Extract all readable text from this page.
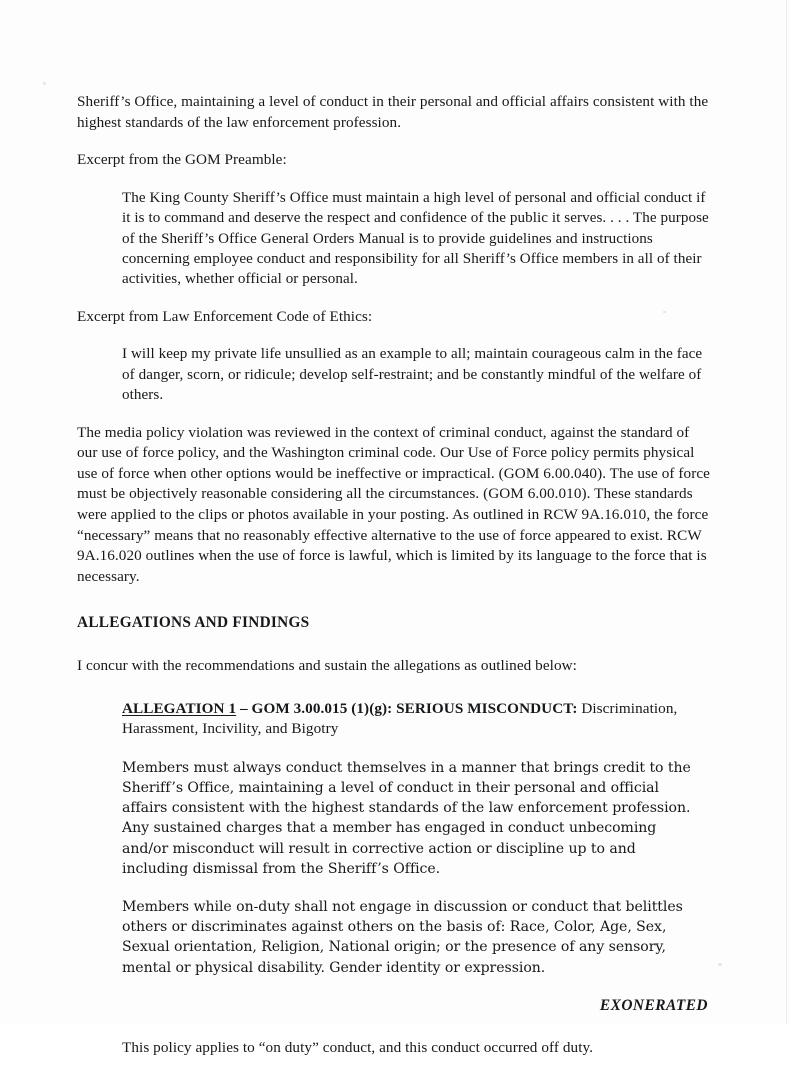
Sheriff’s Office, maintaining a level of conduct in their personal and official affairs consistent with the highest standards of the law enforcement profession.

Excerpt from the GOM Preamble:

The King County Sheriff’s Office must maintain a high level of personal and official conduct if it is to command and deserve the respect and confidence of the public it serves. . . . The purpose of the Sheriff’s Office General Orders Manual is to provide guidelines and instructions concerning employee conduct and responsibility for all Sheriff’s Office members in all of their activities, whether official or personal.

Excerpt from Law Enforcement Code of Ethics:

I will keep my private life unsullied as an example to all; maintain courageous calm in the face of danger, scorn, or ridicule; develop self-restraint; and be constantly mindful of the welfare of others.

The media policy violation was reviewed in the context of criminal conduct, against the standard of our use of force policy, and the Washington criminal code. Our Use of Force policy permits physical use of force when other options would be ineffective or impractical. (GOM 6.00.040). The use of force must be objectively reasonable considering all the circumstances. (GOM 6.00.010). These standards were applied to the clips or photos available in your posting. As outlined in RCW 9A.16.010, the force “necessary” means that no reasonably effective alternative to the use of force appeared to exist. RCW 9A.16.020 outlines when the use of force is lawful, which is limited by its language to the force that is necessary.

ALLEGATIONS AND FINDINGS

I concur with the recommendations and sustain the allegations as outlined below:

ALLEGATION 1 – GOM 3.00.015 (1)(g): SERIOUS MISCONDUCT: Discrimination, Harassment, Incivility, and Bigotry

Members must always conduct themselves in a manner that brings credit to the Sheriff’s Office, maintaining a level of conduct in their personal and official affairs consistent with the highest standards of the law enforcement profession. Any sustained charges that a member has engaged in conduct unbecoming and/or misconduct will result in corrective action or discipline up to and including dismissal from the Sheriff’s Office.

Members while on-duty shall not engage in discussion or conduct that belittles others or discriminates against others on the basis of: Race, Color, Age, Sex, Sexual orientation, Religion, National origin; or the presence of any sensory, mental or physical disability. Gender identity or expression.

EXONERATED

This policy applies to “on duty” conduct, and this conduct occurred off duty.
